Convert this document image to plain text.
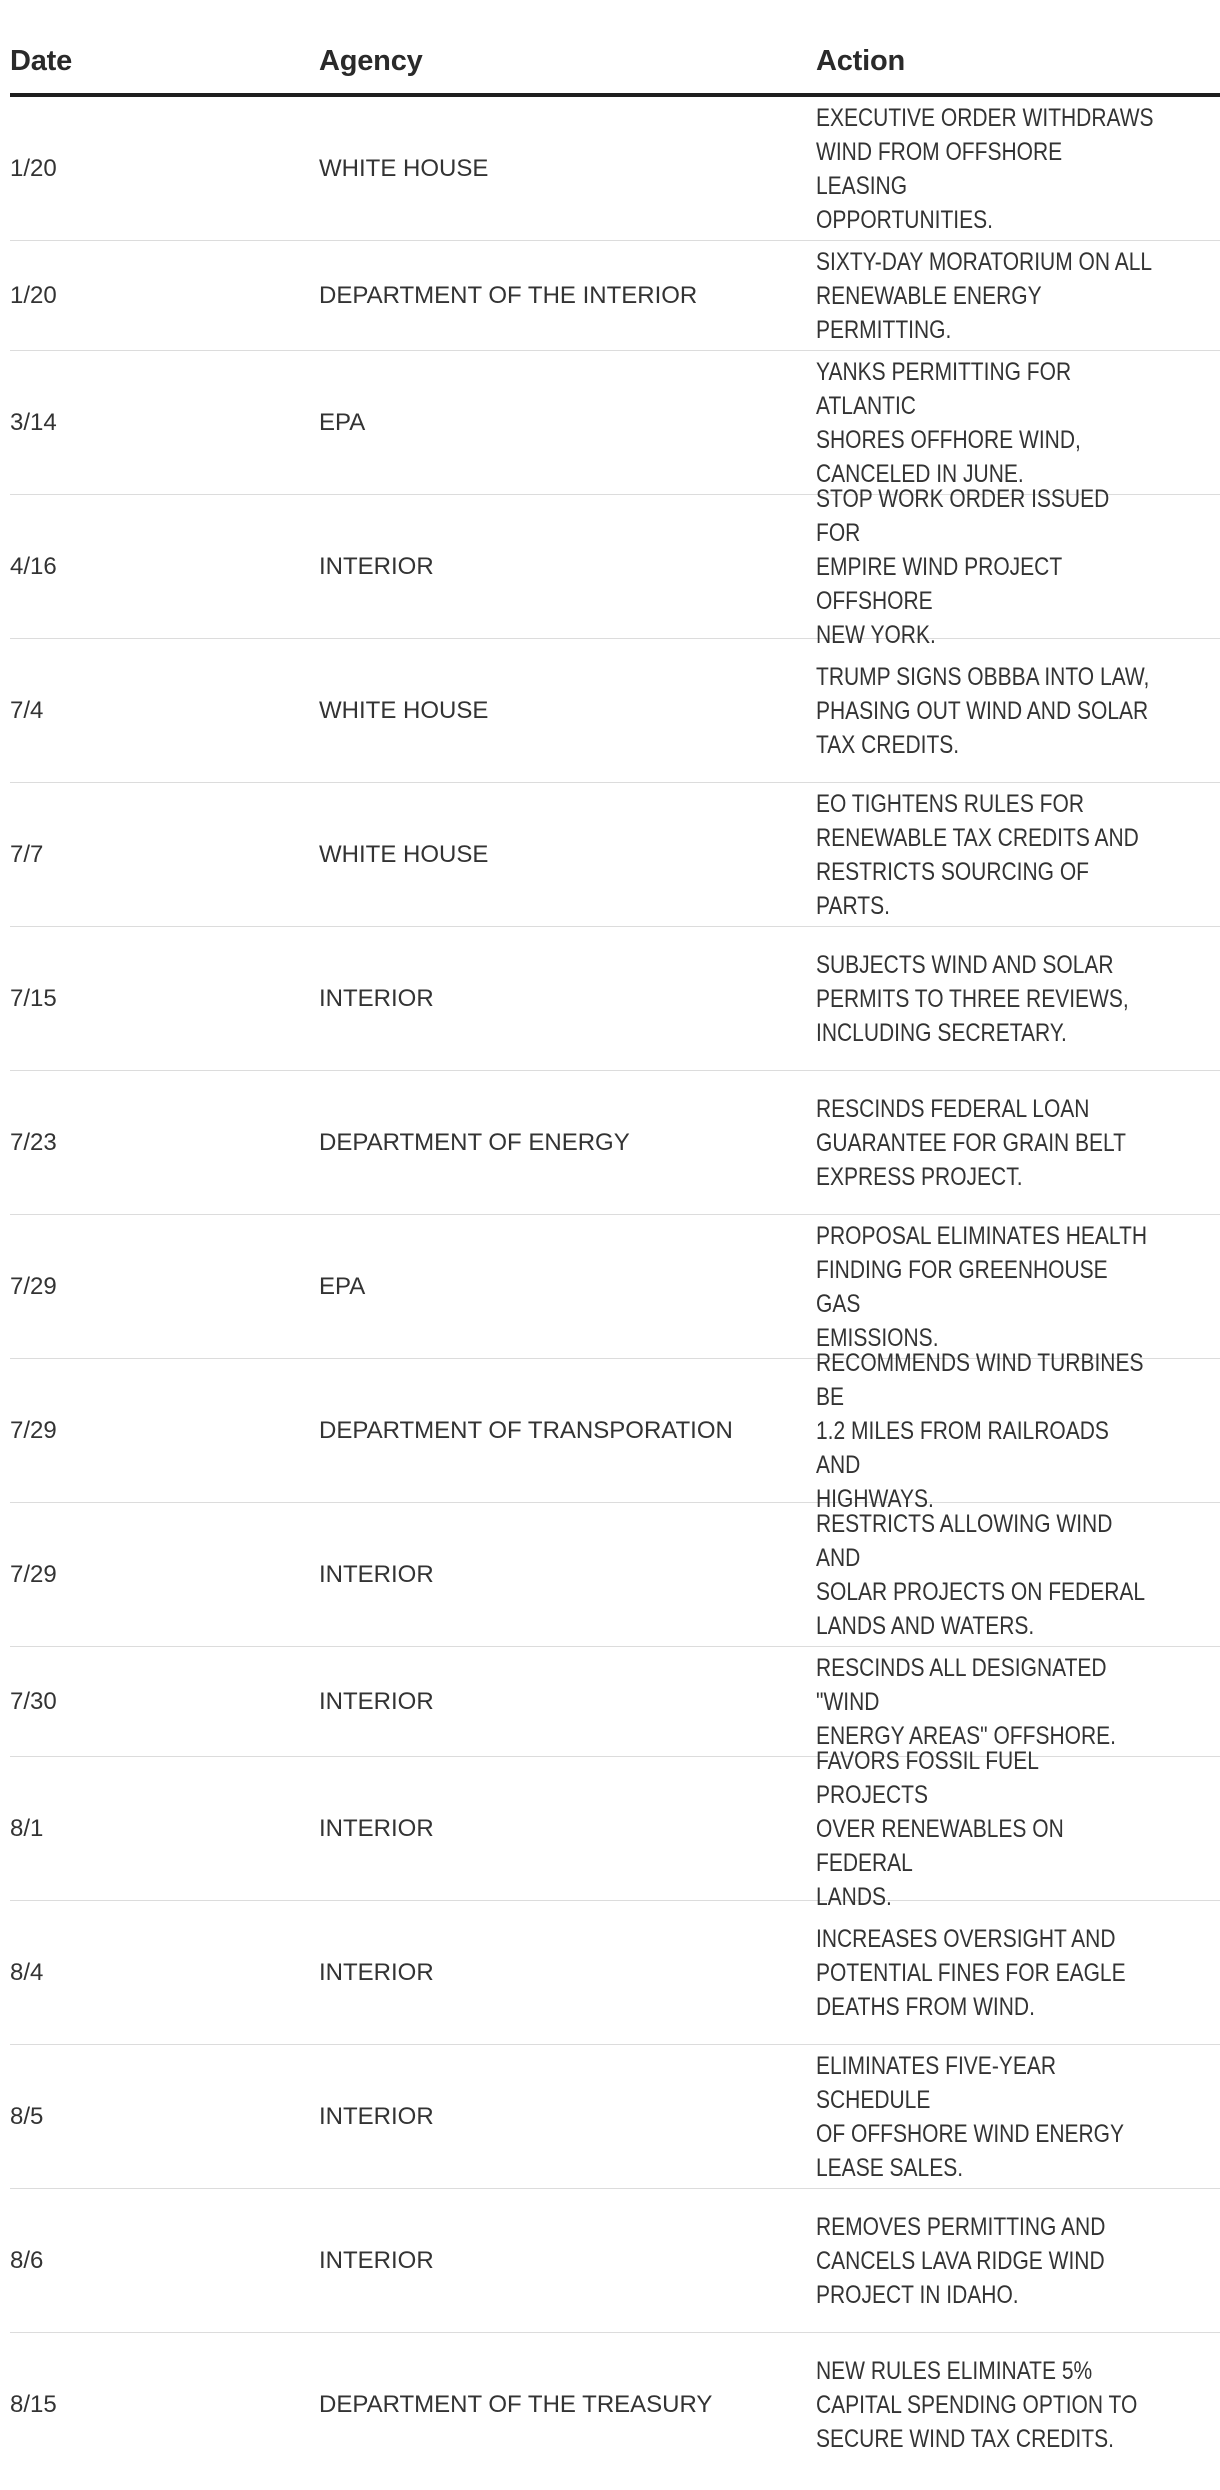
Date	Agency	Action
1/20	WHITE HOUSE
EXECUTIVE ORDER WITHDRAWS
WIND FROM OFFSHORE LEASING
OPPORTUNITIES.
1/20	DEPARTMENT OF THE INTERIOR
SIXTY-DAY MORATORIUM ON ALL
RENEWABLE ENERGY PERMITTING.
3/14	EPA
YANKS PERMITTING FOR ATLANTIC
SHORES OFFHORE WIND,
CANCELED IN JUNE.
4/16	INTERIOR
STOP WORK ORDER ISSUED FOR
EMPIRE WIND PROJECT OFFSHORE
NEW YORK.
7/4	WHITE HOUSE
TRUMP SIGNS OBBBA INTO LAW,
PHASING OUT WIND AND SOLAR
TAX CREDITS.
7/7	WHITE HOUSE
EO TIGHTENS RULES FOR
RENEWABLE TAX CREDITS AND
RESTRICTS SOURCING OF PARTS.
7/15	INTERIOR
SUBJECTS WIND AND SOLAR
PERMITS TO THREE REVIEWS,
INCLUDING SECRETARY.
7/23	DEPARTMENT OF ENERGY
RESCINDS FEDERAL LOAN
GUARANTEE FOR GRAIN BELT
EXPRESS PROJECT.
7/29	EPA
PROPOSAL ELIMINATES HEALTH
FINDING FOR GREENHOUSE GAS
EMISSIONS.
7/29	DEPARTMENT OF TRANSPORATION
RECOMMENDS WIND TURBINES BE
1.2 MILES FROM RAILROADS AND
HIGHWAYS.
7/29	INTERIOR
RESTRICTS ALLOWING WIND AND
SOLAR PROJECTS ON FEDERAL
LANDS AND WATERS.
7/30	INTERIOR
RESCINDS ALL DESIGNATED "WIND
ENERGY AREAS" OFFSHORE.
8/1	INTERIOR
FAVORS FOSSIL FUEL PROJECTS
OVER RENEWABLES ON FEDERAL
LANDS.
8/4	INTERIOR
INCREASES OVERSIGHT AND
POTENTIAL FINES FOR EAGLE
DEATHS FROM WIND.
8/5	INTERIOR
ELIMINATES FIVE-YEAR SCHEDULE
OF OFFSHORE WIND ENERGY
LEASE SALES.
8/6	INTERIOR
REMOVES PERMITTING AND
CANCELS LAVA RIDGE WIND
PROJECT IN IDAHO.
8/15	DEPARTMENT OF THE TREASURY
NEW RULES ELIMINATE 5%
CAPITAL SPENDING OPTION TO
SECURE WIND TAX CREDITS.
